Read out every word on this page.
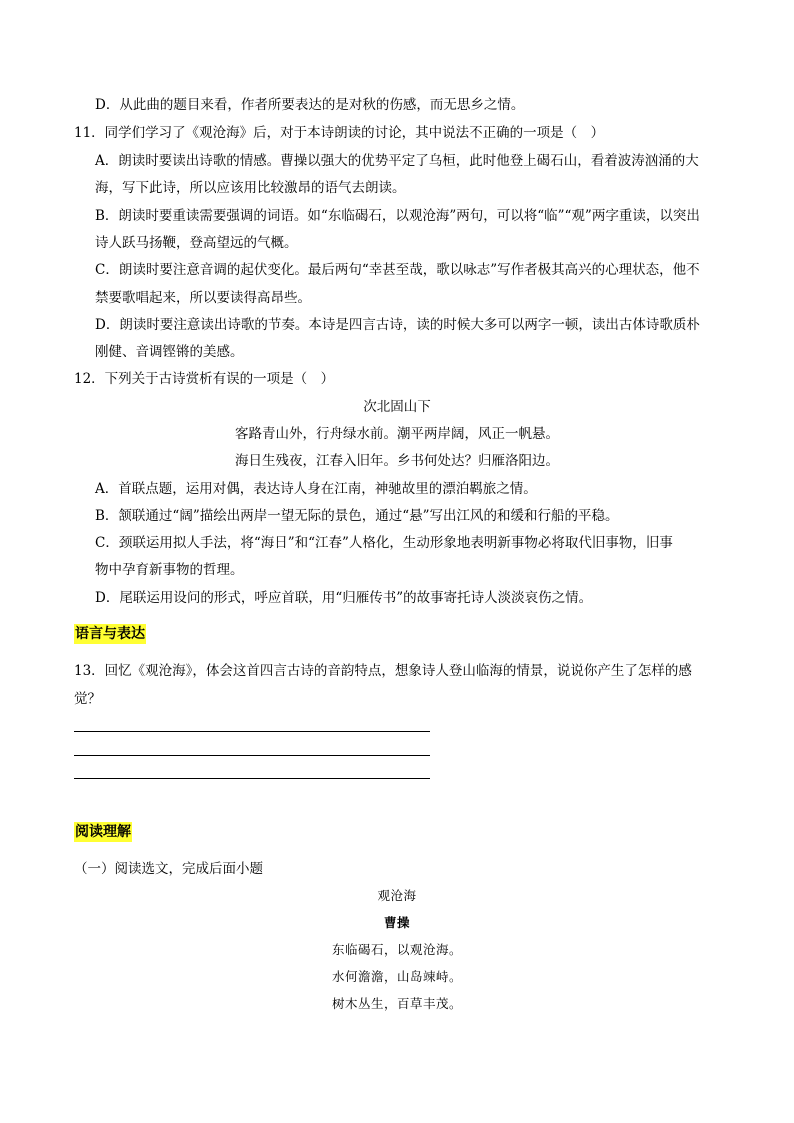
D．从此曲的题目来看，作者所要表达的是对秋的伤感，而无思乡之情。
11．同学们学习了《观沧海》后，对于本诗朗读的讨论，其中说法不正确的一项是（　）
A．朗读时要读出诗歌的情感。曹操以强大的优势平定了乌桓，此时他登上碣石山，看着波涛汹涌的大
海，写下此诗，所以应该用比较激昂的语气去朗读。
B．朗读时要重读需要强调的词语。如“东临碣石，以观沧海”两句，可以将“临”“观”两字重读，以突出
诗人跃马扬鞭，登高望远的气概。
C．朗读时要注意音调的起伏变化。最后两句“幸甚至哉，歌以咏志”写作者极其高兴的心理状态，他不
禁要歌唱起来，所以要读得高昂些。
D．朗读时要注意读出诗歌的节奏。本诗是四言古诗，读的时候大多可以两字一顿，读出古体诗歌质朴
刚健、音调铿锵的美感。
12．下列关于古诗赏析有误的一项是（　）
次北固山下
客路青山外，行舟绿水前。潮平两岸阔，风正一帆悬。
海日生残夜，江春入旧年。乡书何处达？归雁洛阳边。
A．首联点题，运用对偶，表达诗人身在江南，神驰故里的漂泊羁旅之情。
B．颔联通过“阔”描绘出两岸一望无际的景色，通过“悬”写出江风的和缓和行船的平稳。
C．颈联运用拟人手法，将“海日”和“江春”人格化，生动形象地表明新事物必将取代旧事物，旧事
物中孕育新事物的哲理。
D．尾联运用设问的形式，呼应首联，用“归雁传书”的故事寄托诗人淡淡哀伤之情。
语言与表达
13．回忆《观沧海》，体会这首四言古诗的音韵特点，想象诗人登山临海的情景，说说你产生了怎样的感
觉？
阅读理解
（一）阅读选文，完成后面小题
观沧海
曹操
东临碣石，以观沧海。
水何澹澹，山岛竦峙。
树木丛生，百草丰茂。
